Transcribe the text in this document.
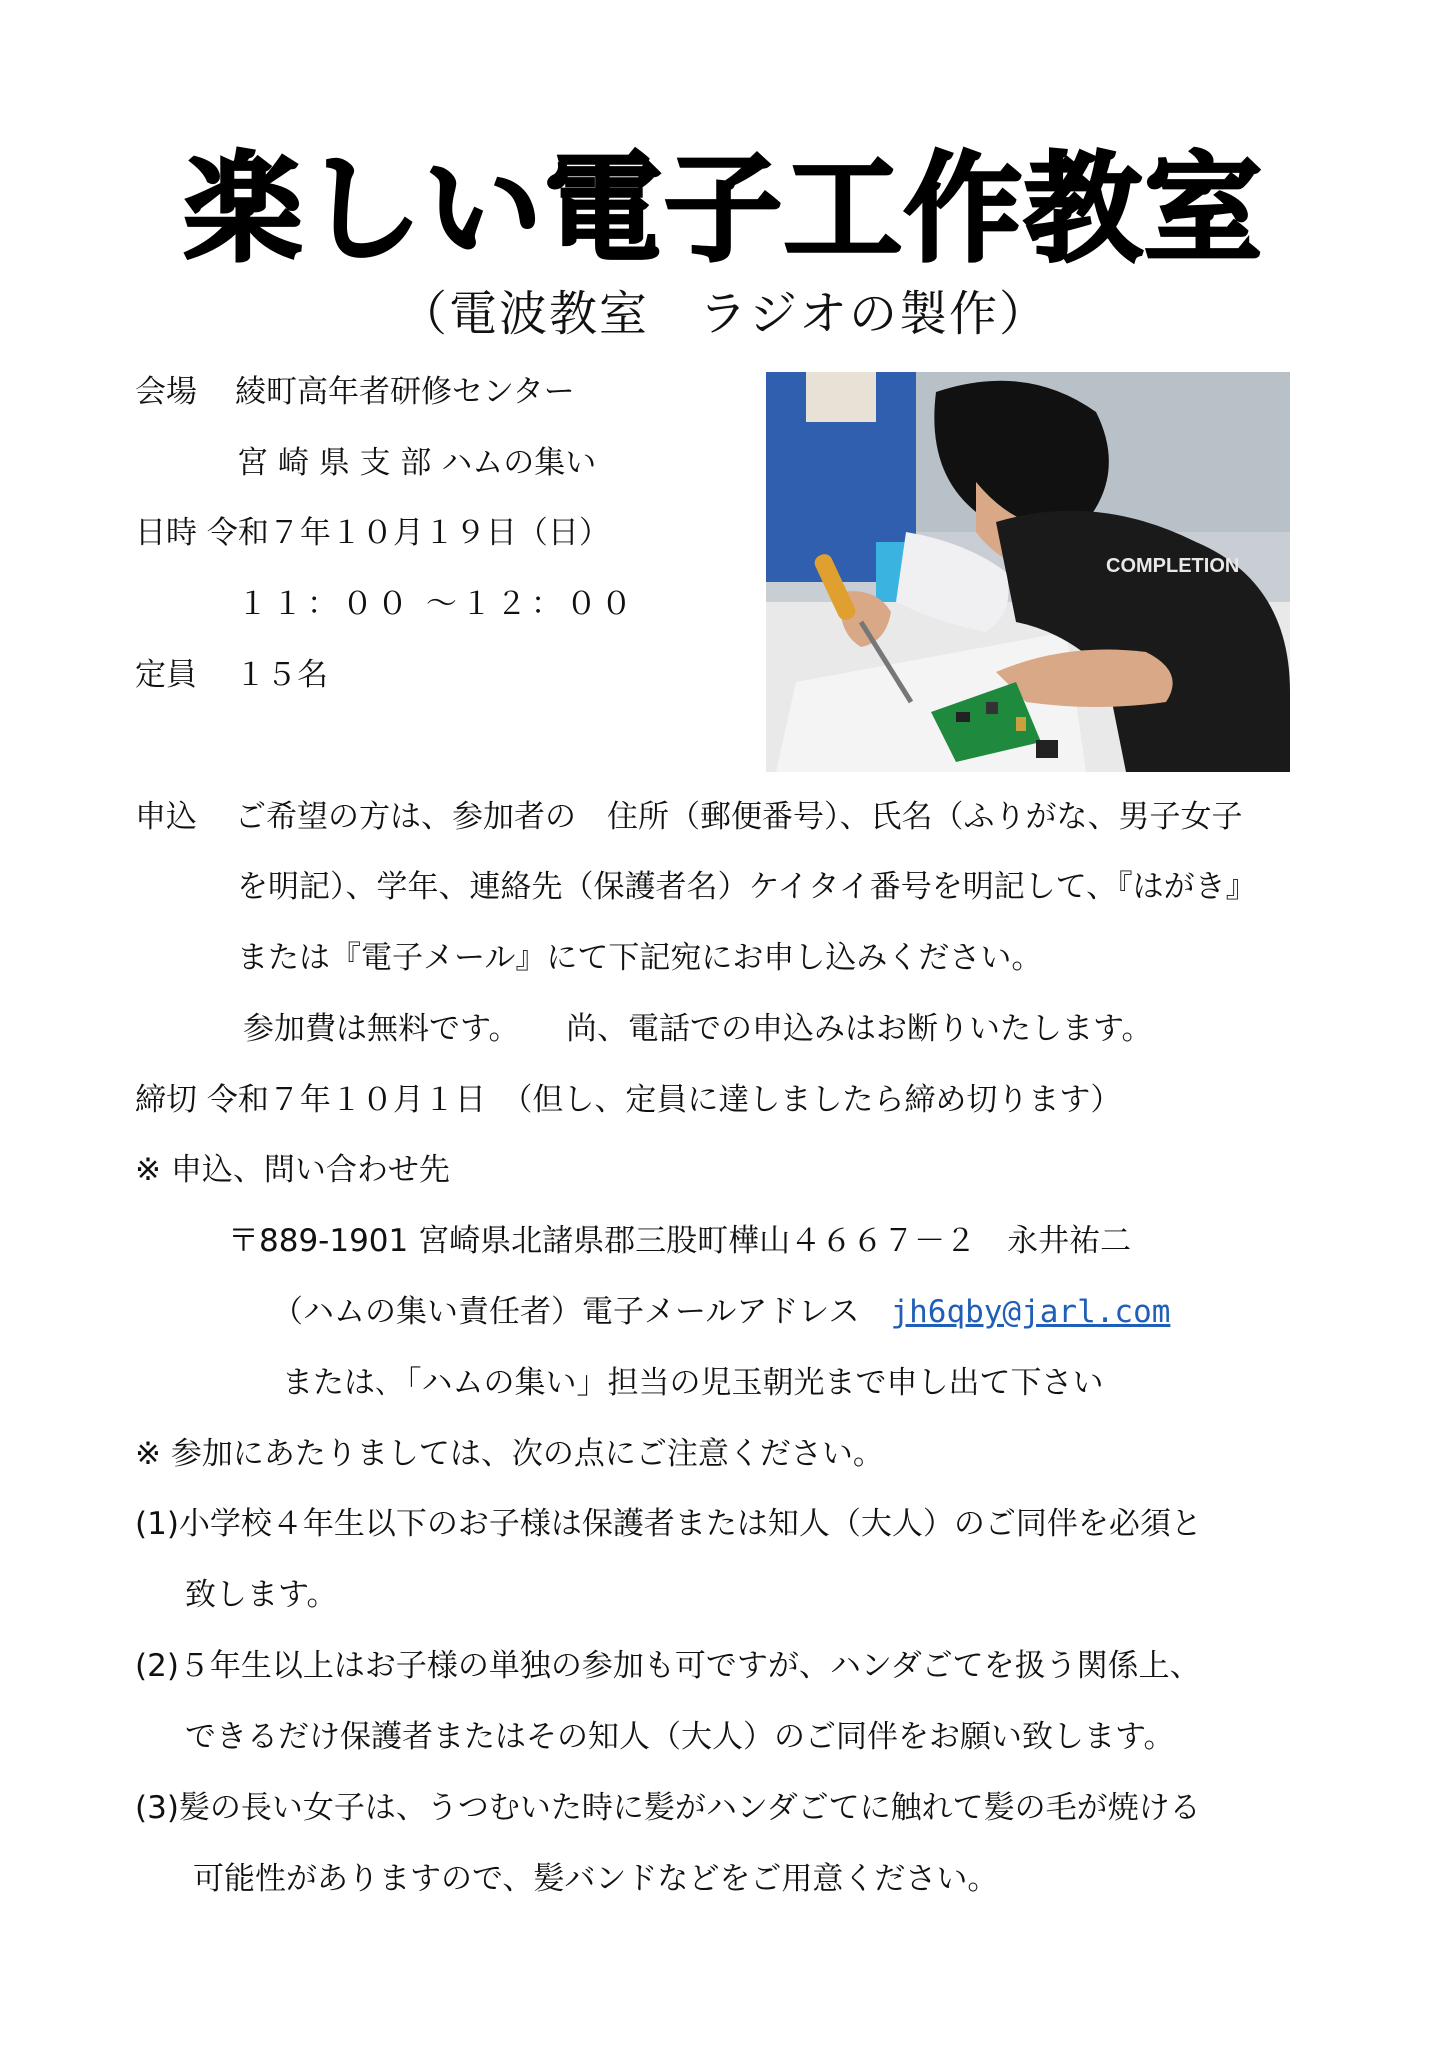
楽しい電子工作教室
（電波教室　ラジオの製作）
会場 綾町高年者研修センター
宮 崎 県 支 部 ハムの集い
日時 令和７年１０月１９日（日）
１１：００ ～１２：００
定員 １５名
COMPLETION
申込 ご希望の方は、参加者の　住所（郵便番号）、氏名（ふりがな、男子女子
を明記）、学年、連絡先（保護者名）ケイタイ番号を明記して、『はがき』
または『電子メール』にて下記宛にお申し込みください。
参加費は無料です。　　尚、電話での申込みはお断りいたします。
締切 令和７年１０月１日　（但し、定員に達しましたら締め切ります）
※ 申込、問い合わせ先
〒889-1901 宮崎県北諸県郡三股町樺山４６６７－２　永井祐二
（ハムの集い責任者）電子メールアドレス　 jh6qby@jarl.com
または､「ハムの集い」担当の児玉朝光まで申し出て下さい
※ 参加にあたりましては、次の点にご注意ください。
(1)小学校４年生以下のお子様は保護者または知人（大人）のご同伴を必須と
致します。
(2)５年生以上はお子様の単独の参加も可ですが、ハンダごてを扱う関係上、
できるだけ保護者またはその知人（大人）のご同伴をお願い致します。
(3)髪の長い女子は、うつむいた時に髪がハンダごてに触れて髪の毛が焼ける
可能性がありますので、髪バンドなどをご用意ください。
